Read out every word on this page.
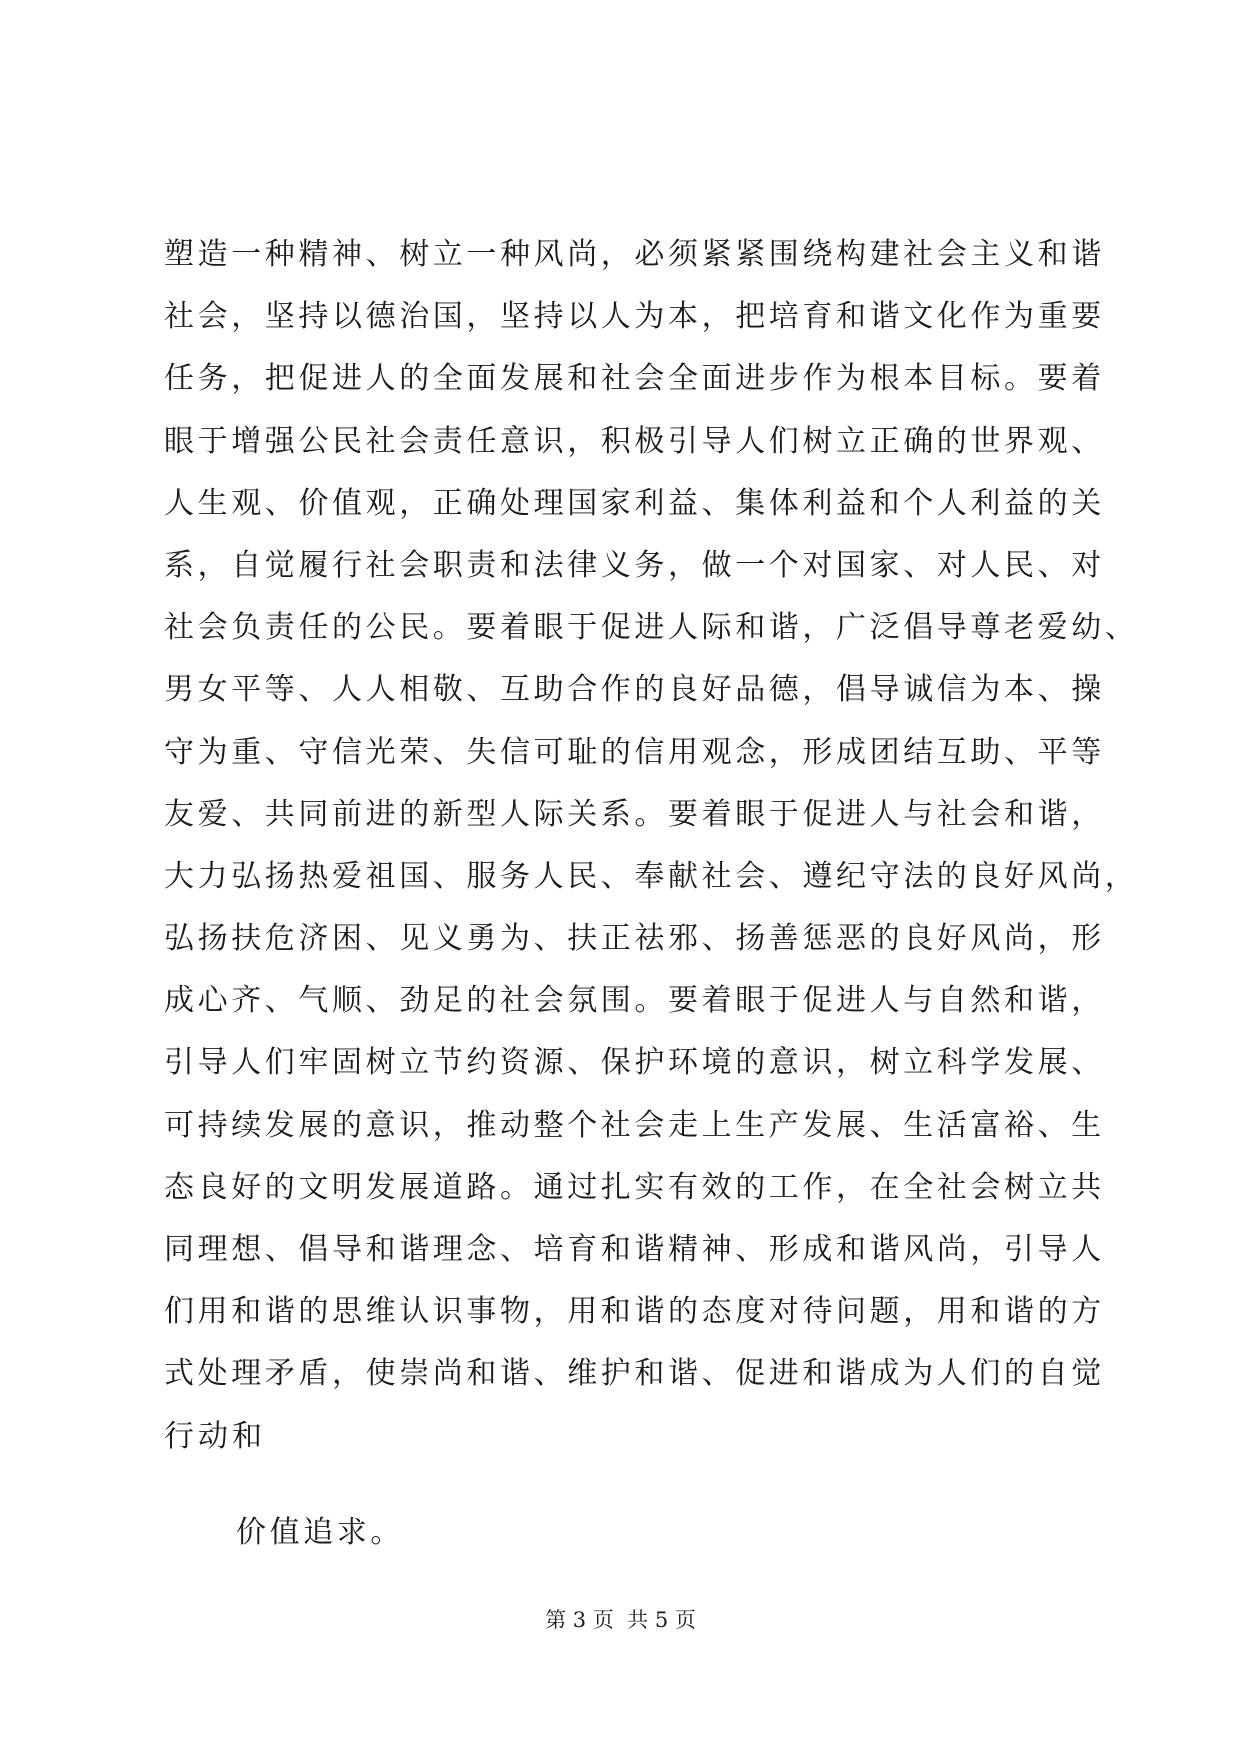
塑造一种精神、树立一种风尚，必须紧紧围绕构建社会主义和谐
社会，坚持以德治国，坚持以人为本，把培育和谐文化作为重要
任务，把促进人的全面发展和社会全面进步作为根本目标。要着
眼于增强公民社会责任意识，积极引导人们树立正确的世界观、
人生观、价值观，正确处理国家利益、集体利益和个人利益的关
系，自觉履行社会职责和法律义务，做一个对国家、对人民、对
社会负责任的公民。要着眼于促进人际和谐，广泛倡导尊老爱幼、
男女平等、人人相敬、互助合作的良好品德，倡导诚信为本、操
守为重、守信光荣、失信可耻的信用观念，形成团结互助、平等
友爱、共同前进的新型人际关系。要着眼于促进人与社会和谐，
大力弘扬热爱祖国、服务人民、奉献社会、遵纪守法的良好风尚，
弘扬扶危济困、见义勇为、扶正祛邪、扬善惩恶的良好风尚，形
成心齐、气顺、劲足的社会氛围。要着眼于促进人与自然和谐，
引导人们牢固树立节约资源、保护环境的意识，树立科学发展、
可持续发展的意识，推动整个社会走上生产发展、生活富裕、生
态良好的文明发展道路。通过扎实有效的工作，在全社会树立共
同理想、倡导和谐理念、培育和谐精神、形成和谐风尚，引导人
们用和谐的思维认识事物，用和谐的态度对待问题，用和谐的方
式处理矛盾，使崇尚和谐、维护和谐、促进和谐成为人们的自觉
行动和
价值追求。
第 3 页  共 5 页
